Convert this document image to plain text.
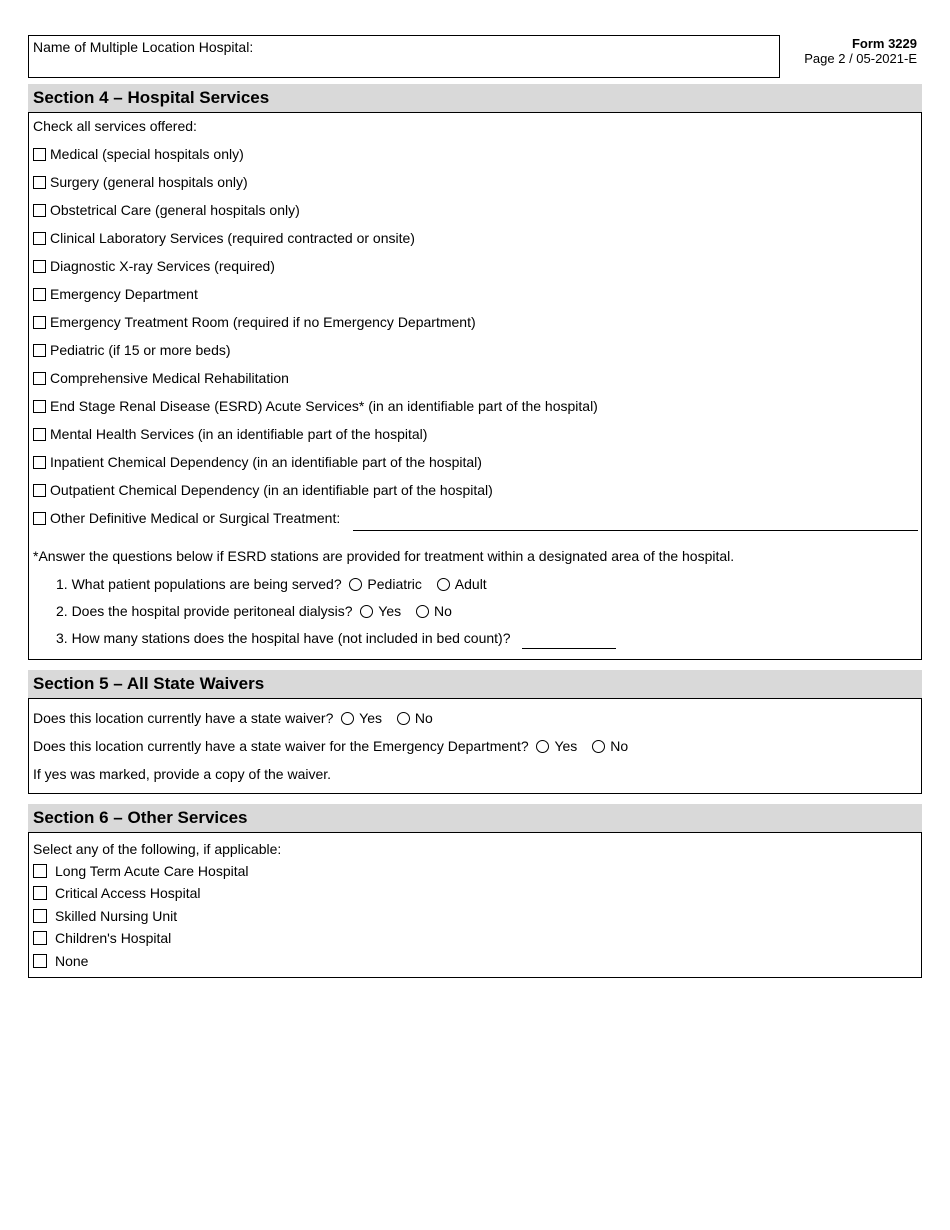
Name of Multiple Location Hospital:	Form 3229
Page 2 / 05-2021-E
Section 4 – Hospital Services
Check all services offered:
Medical (special hospitals only)
Surgery (general hospitals only)
Obstetrical Care (general hospitals only)
Clinical Laboratory Services (required contracted or onsite)
Diagnostic X-ray Services (required)
Emergency Department
Emergency Treatment Room (required if no Emergency Department)
Pediatric (if 15 or more beds)
Comprehensive Medical Rehabilitation
End Stage Renal Disease (ESRD) Acute Services* (in an identifiable part of the hospital)
Mental Health Services (in an identifiable part of the hospital)
Inpatient Chemical Dependency (in an identifiable part of the hospital)
Outpatient Chemical Dependency (in an identifiable part of the hospital)
Other Definitive Medical or Surgical Treatment:
*Answer the questions below if ESRD stations are provided for treatment within a designated area of the hospital.
1. What patient populations are being served? Pediatric Adult
2. Does the hospital provide peritoneal dialysis? Yes No
3. How many stations does the hospital have (not included in bed count)?
Section 5 – All State Waivers
Does this location currently have a state waiver? Yes No
Does this location currently have a state waiver for the Emergency Department? Yes No
If yes was marked, provide a copy of the waiver.
Section 6 – Other Services
Select any of the following, if applicable:
Long Term Acute Care Hospital
Critical Access Hospital
Skilled Nursing Unit
Children's Hospital
None
